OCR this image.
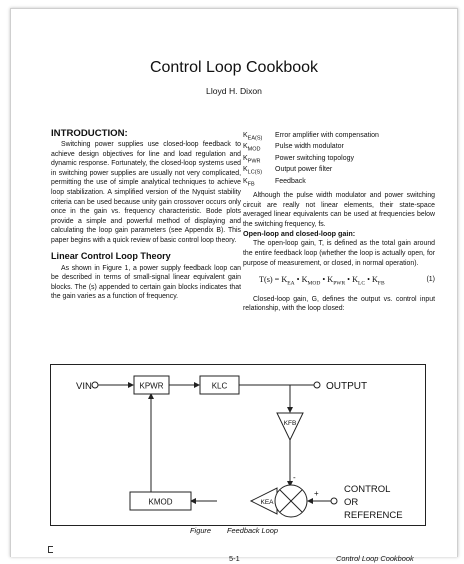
Control Loop Cookbook
Lloyd H. Dixon
INTRODUCTION:

Switching power supplies use closed-loop feedback to achieve design objectives for line and load regulation and dynamic response. Fortunately, the closed-loop systems used in switching power supplies are usually not very complicated, permitting the use of simple analytical techniques to achieve loop stabilization. A simplified version of the Nyquist stability criteria can be used because unity gain crossover occurs only once in the gain vs. frequency characteristic. Bode plots provide a simple and powerful method of displaying and calculating the loop gain parameters (see Appendix B). This paper begins with a quick review of basic control loop theory.

Linear Control Loop Theory

As shown in Figure 1, a power supply feedback loop can be described in terms of small-signal linear equivalent gain blocks. The (s) appended to certain gain blocks indicates that the gain varies as a function of frequency.

$K_{EA(S)}$	Error amplifier with compensation
$K_{MOD}$	Pulse width modulator
$K_{PWR}$	Power switching topology
$K_{LC(S)}$	Output power filter
$K_{FB}$	Feedback

Although the pulse width modulator and power switching circuit are really not linear elements, their state-space averaged linear equivalents can be used at frequencies below the switching frequency, fs.

Open-loop and closed-loop gain:

The open-loop gain, T, is defined as the total gain around the entire feedback loop (whether the loop is actually open, for purpose of measurement, or closed, in normal operation).

$T(s) = K_{EA}$ • $K_{MOD}$ • $K_{PWR}$ • $K_{LC}$ • $K_{FB}$
(1)

Closed-loop gain, G, defines the output vs. control input relationship, with the loop closed:

VIN	KPWR	KLC	OUTPUT
KFB
KMOD	KEA
+
-
CONTROL
OR
REFERENCE
Figure Feedback Loop
5-1	Control Loop Cookbook
